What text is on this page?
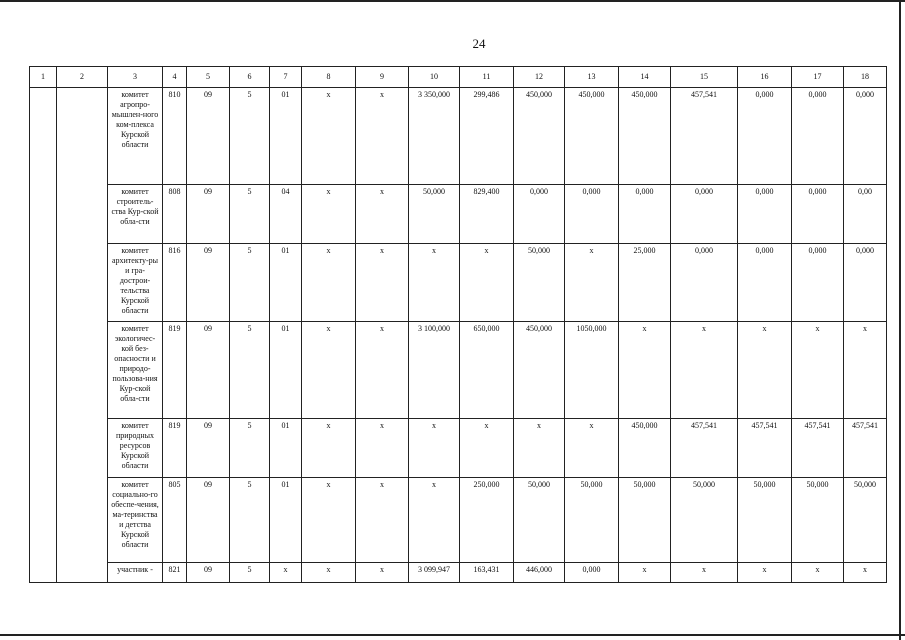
24
1	2	3	4	5	6	7	8	9	10	11	12	13	14	15	16	17	18
		комитет агропро-мышлен-ного ком-плекса Курской области	810	09	5	01	х	х	3 350,000	299,486	450,000	450,000	450,000	457,541	0,000	0,000	0,000
		комитет строитель-ства Кур-ской обла-сти	808	09	5	04	х	х	50,000	829,400	0,000	0,000	0,000	0,000	0,000	0,000	0,00
		комитет архитекту-ры и гра-дострои-тельства Курской области	816	09	5	01	х	х	х	х	50,000	х	25,000	0,000	0,000	0,000	0,000
		комитет экологичес-кой без-опасности и природо-пользова-ния Кур-ской обла-сти	819	09	5	01	х	х	3 100,000	650,000	450,000	1050,000	х	х	х	х	х
		комитет природных ресурсов Курской области	819	09	5	01	х	х	х	х	х	х	450,000	457,541	457,541	457,541	457,541
		комитет социально-го обеспе-чения, ма-теринства и детства Курской области	805	09	5	01	х	х	х	250,000	50,000	50,000	50,000	50,000	50,000	50,000	50,000
		участник -	821	09	5	х	х	х	3 099,947	163,431	446,000	0,000	х	х	х	х	х
